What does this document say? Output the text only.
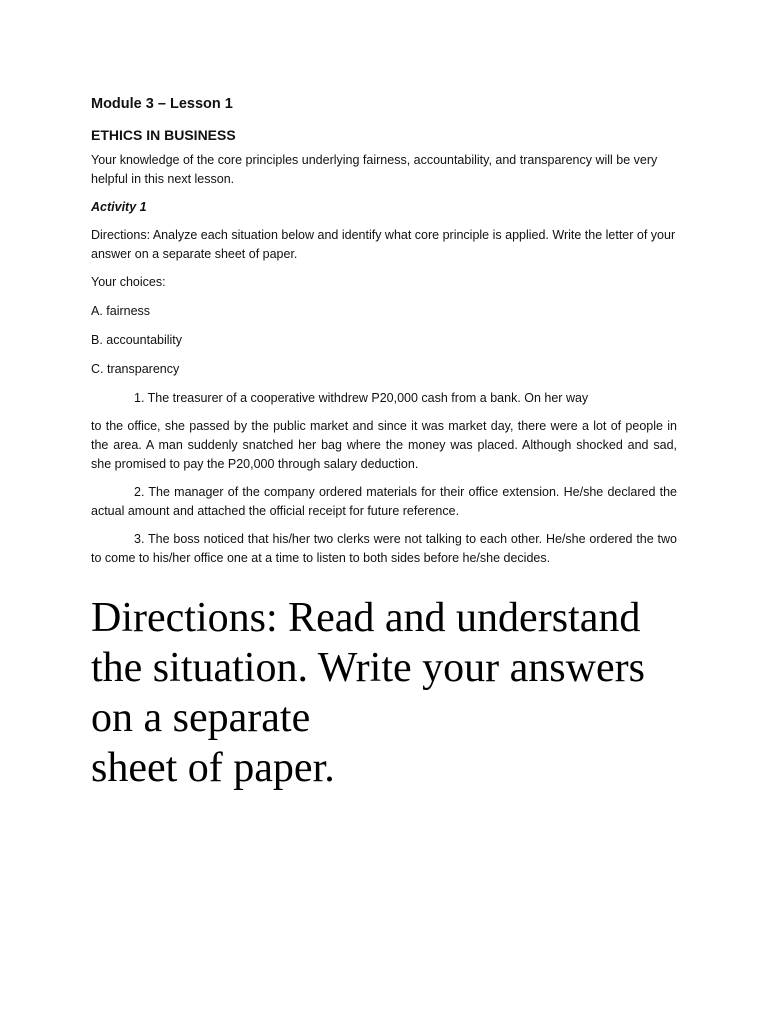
Module 3 – Lesson 1

ETHICS IN BUSINESS

Your knowledge of the core principles underlying fairness, accountability, and transparency will be very helpful in this next lesson.

Activity 1

Directions: Analyze each situation below and identify what core principle is applied. Write the letter of your answer on a separate sheet of paper.

Your choices:

A. fairness

B. accountability

C. transparency

1. The treasurer of a cooperative withdrew P20,000 cash from a bank. On her way

to the office, she passed by the public market and since it was market day, there were a lot of people in the area. A man suddenly snatched her bag where the money was placed. Although shocked and sad, she promised to pay the P20,000 through salary deduction.

2. The manager of the company ordered materials for their office extension. He/she declared the actual amount and attached the official receipt for future reference.

3. The boss noticed that his/her two clerks were not talking to each other. He/she ordered the two to come to his/her office one at a time to listen to both sides before he/she decides.

Directions: Read and understand
the situation. Write your answers
on a separate
sheet of paper.
